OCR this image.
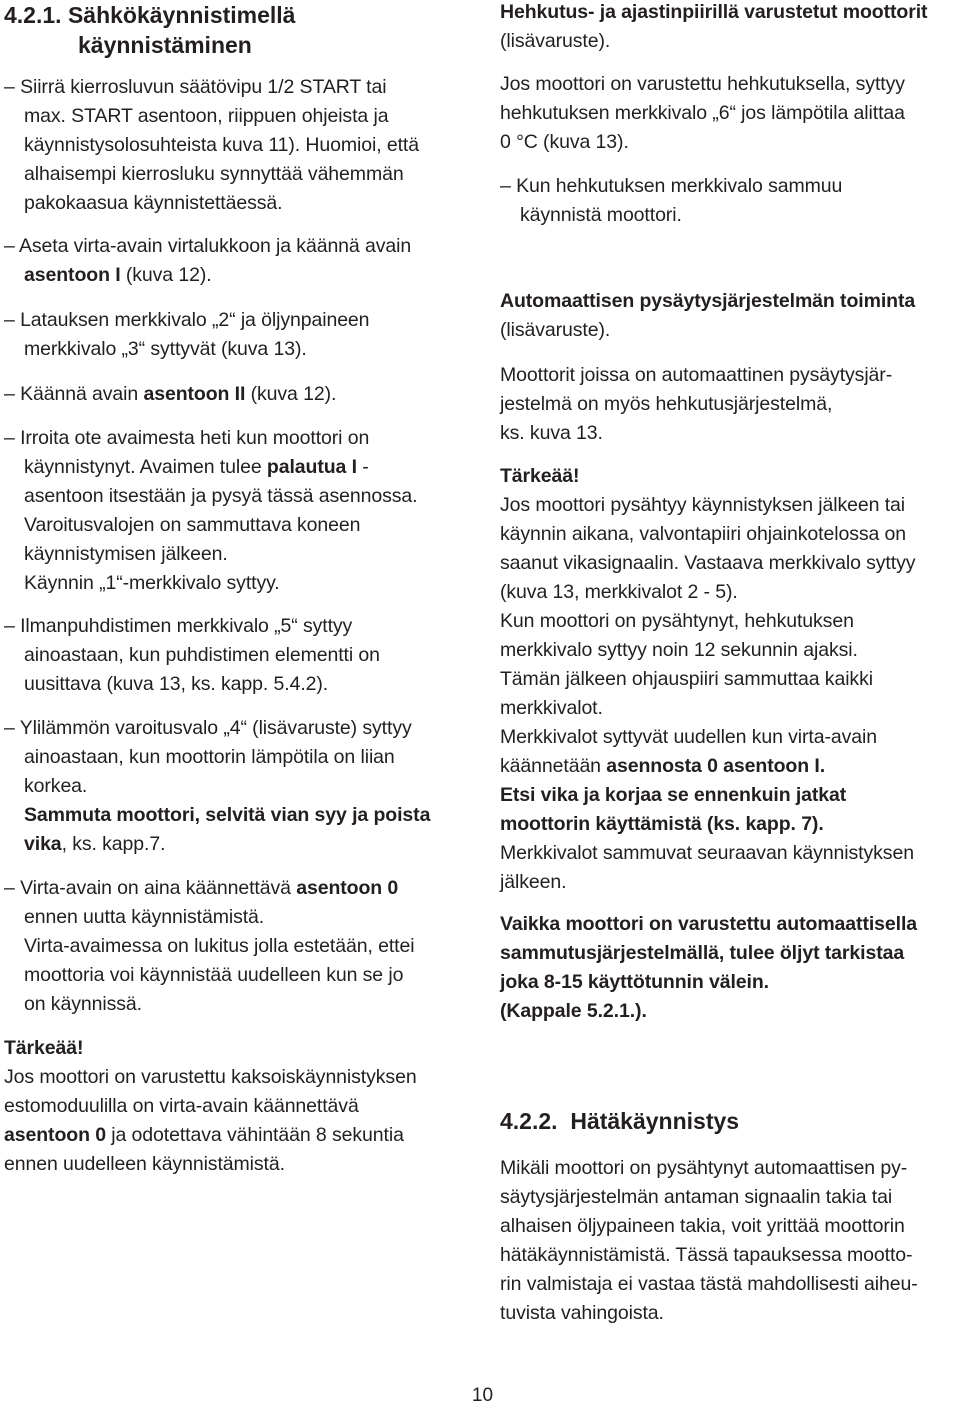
4.2.1. Sähkökäynnistimellä
käynnistäminen
– Siirrä kierrosluvun säätövipu 1/2 START tai
max. START asentoon, riippuen ohjeista ja
käynnistysolosuhteista kuva 11). Huomioi, että
alhaisempi kierrosluku synnyttää vähemmän
pakokaasua käynnistettäessä.
– Aseta virta-avain virtalukkoon ja käännä avain
asentoon I (kuva 12).
– Latauksen merkkivalo „2“ ja öljynpaineen
merkkivalo „3“ syttyvät (kuva 13).
– Käännä avain asentoon II (kuva 12).
– Irroita ote avaimesta heti kun moottori on
käynnistynyt. Avaimen tulee palautua I -
asentoon itsestään ja pysyä tässä asennossa.
Varoitusvalojen on sammuttava koneen
käynnistymisen jälkeen.
Käynnin „1“-merkkivalo syttyy.
– Ilmanpuhdistimen merkkivalo „5“ syttyy
ainoastaan, kun puhdistimen elementti on
uusittava (kuva 13, ks. kapp. 5.4.2).
– Ylilämmön varoitusvalo „4“ (lisävaruste) syttyy
ainoastaan, kun moottorin lämpötila on liian
korkea.
Sammuta moottori, selvitä vian syy ja poista
vika, ks. kapp.7.
– Virta-avain on aina käännettävä asentoon 0
ennen uutta käynnistämistä.
Virta-avaimessa on lukitus jolla estetään, ettei
moottoria voi käynnistää uudelleen kun se jo
on käynnissä.
Tärkeää!
Jos moottori on varustettu kaksoiskäynnistyksen
estomoduulilla on virta-avain käännettävä
asentoon 0 ja odotettava vähintään 8 sekuntia
ennen uudelleen käynnistämistä.
Hehkutus- ja ajastinpiirillä varustetut moottorit
(lisävaruste).
Jos moottori on varustettu hehkutuksella, syttyy
hehkutuksen merkkivalo „6“ jos lämpötila alittaa
0 °C (kuva 13).
– Kun hehkutuksen merkkivalo sammuu
käynnistä moottori.
Automaattisen pysäytysjärjestelmän toiminta
(lisävaruste).
Moottorit joissa on automaattinen pysäytysjär-
jestelmä on myös hehkutusjärjestelmä,
ks. kuva 13.
Tärkeää!
Jos moottori pysähtyy käynnistyksen jälkeen tai
käynnin aikana, valvontapiiri ohjainkotelossa on
saanut vikasignaalin. Vastaava merkkivalo syttyy
(kuva 13, merkkivalot 2 - 5).
Kun moottori on pysähtynyt, hehkutuksen
merkkivalo syttyy noin 12 sekunnin ajaksi.
Tämän jälkeen ohjauspiiri sammuttaa kaikki
merkkivalot.
Merkkivalot syttyvät uudellen kun virta-avain
käännetään asennosta 0 asentoon I.
Etsi vika ja korjaa se ennenkuin jatkat
moottorin käyttämistä (ks. kapp. 7).
Merkkivalot sammuvat seuraavan käynnistyksen
jälkeen.
Vaikka moottori on varustettu automaattisella
sammutusjärjestelmällä, tulee öljyt tarkistaa
joka 8-15 käyttötunnin välein.
(Kappale 5.2.1.).
4.2.2. Hätäkäynnistys
Mikäli moottori on pysähtynyt automaattisen py-
säytysjärjestelmän antaman signaalin takia tai
alhaisen öljypaineen takia, voit yrittää moottorin
hätäkäynnistämistä. Tässä tapauksessa mootto-
rin valmistaja ei vastaa tästä mahdollisesti aiheu-
tuvista vahingoista.
10
